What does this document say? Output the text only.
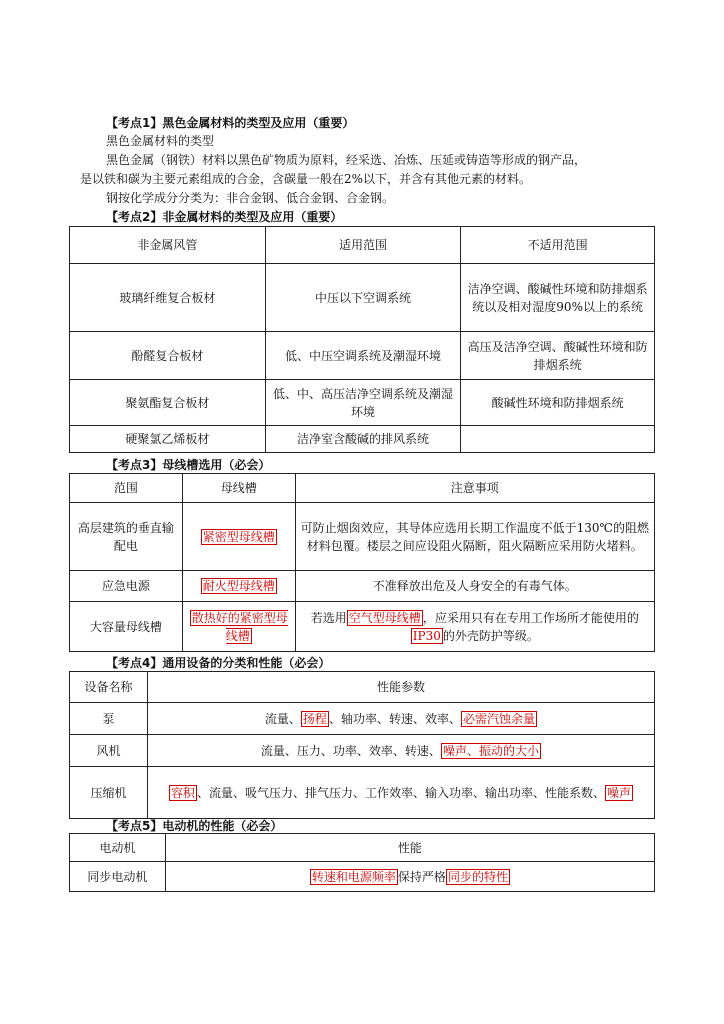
【考点1】黑色金属材料的类型及应用（重要）
黑色金属材料的类型
黑色金属（钢铁）材料以黑色矿物质为原料，经采选、冶炼、压延或铸造等形成的钢产品，
是以铁和碳为主要元素组成的合金，含碳量一般在2%以下，并含有其他元素的材料。
钢按化学成分分类为：非合金钢、低合金钢、合金钢。
【考点2】非金属材料的类型及应用（重要）
非金属风管	适用范围	不适用范围
玻璃纤维复合板材	中压以下空调系统	洁净空调、酸碱性环境和防排烟系统以及相对湿度90%以上的系统
酚醛复合板材	低、中压空调系统及潮湿环境	高压及洁净空调、酸碱性环境和防排烟系统
聚氨酯复合板材	低、中、高压洁净空调系统及潮湿环境	酸碱性环境和防排烟系统
硬聚氯乙烯板材	洁净室含酸碱的排风系统	
【考点3】母线槽选用（必会）
范围	母线槽	注意事项
高层建筑的垂直输配电	紧密型母线槽	可防止烟囱效应，其导体应选用长期工作温度不低于130℃的阻燃材料包覆。楼层之间应设阻火隔断，阻火隔断应采用防火堵料。
应急电源	耐火型母线槽	不准释放出危及人身安全的有毒气体。
大容量母线槽	散热好的紧密型母线槽	若选用 空气型母线槽 ，应采用只有在专用工作场所才能使用的IP30 的外壳防护等级。
【考点4】通用设备的分类和性能（必会）
设备名称	性能参数
泵	流量、 扬程 、轴功率、转速、效率、 必需汽蚀余量
风机	流量、压力、功率、效率、转速、 噪声、振动的大小
压缩机	容积 、流量、吸气压力、排气压力、工作效率、输入功率、输出功率、性能系数、 噪声
【考点5】电动机的性能（必会）
电动机	性能
同步电动机	转速和电源频率 保持严格 同步的特性
